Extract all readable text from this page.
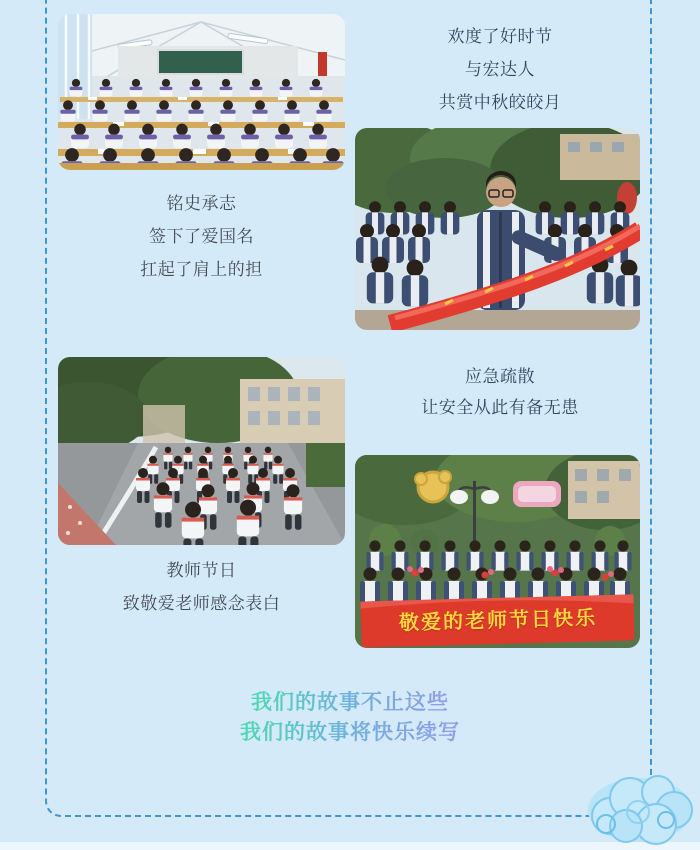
欢度了好时节
与宏达人
共赏中秋皎皎月
铭史承志
签下了爱国名
扛起了肩上的担
应急疏散
让安全从此有备无患
敬爱的老师节日快乐
教师节日
致敬爱老师感念表白
我们的故事不止这些
我们的故事将快乐续写
